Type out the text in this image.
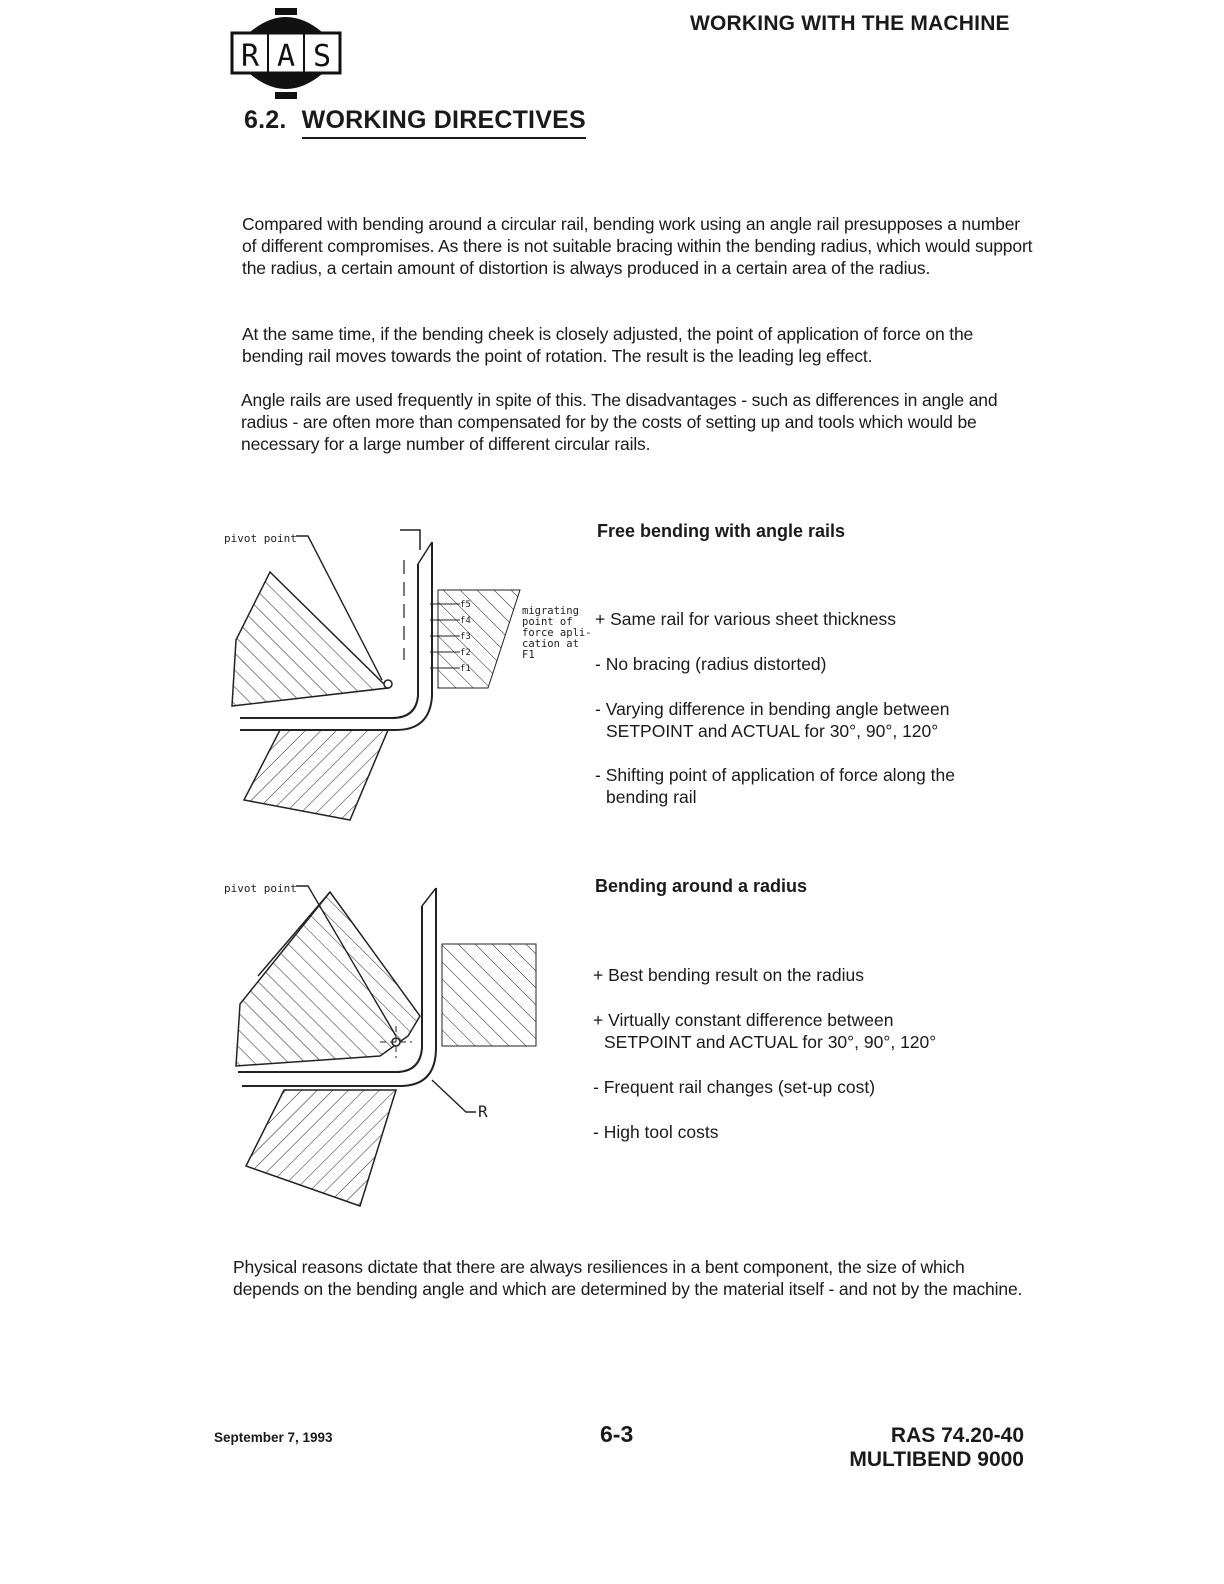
R A S
WORKING WITH THE MACHINE
6.2. WORKING DIRECTIVES
Compared with bending around a circular rail, bending work using an angle rail presupposes a number of different compromises. As there is not suitable bracing within the bending radius, which would support the radius, a certain amount of distortion is always produced in a certain area of the radius.
At the same time, if the bending cheek is closely adjusted, the point of application of force on the bending rail moves towards the point of rotation. The result is the leading leg effect.
Angle rails are used frequently in spite of this. The disadvantages - such as differences in angle and radius - are often more than compensated for by the costs of setting up and tools which would be necessary for a large number of different circular rails.
pivot point
f5
f4
f3
f2
f1
migrating
point of
force apli-
cation at
F1
Free bending with angle rails
+ Same rail for various sheet thickness
- No bracing (radius distorted)
- Varying difference in bending angle between
SETPOINT and ACTUAL for 30°, 90°, 120°
- Shifting point of application of force along the
bending rail
pivot point
R
Bending around a radius
+ Best bending result on the radius
+ Virtually constant difference between
SETPOINT and ACTUAL for 30°, 90°, 120°
- Frequent rail changes (set-up cost)
- High tool costs
Physical reasons dictate that there are always resiliences in a bent component, the size of which depends on the bending angle and which are determined by the material itself - and not by the machine.
September 7, 1993	6-3	RAS 74.20-40
MULTIBEND 9000
